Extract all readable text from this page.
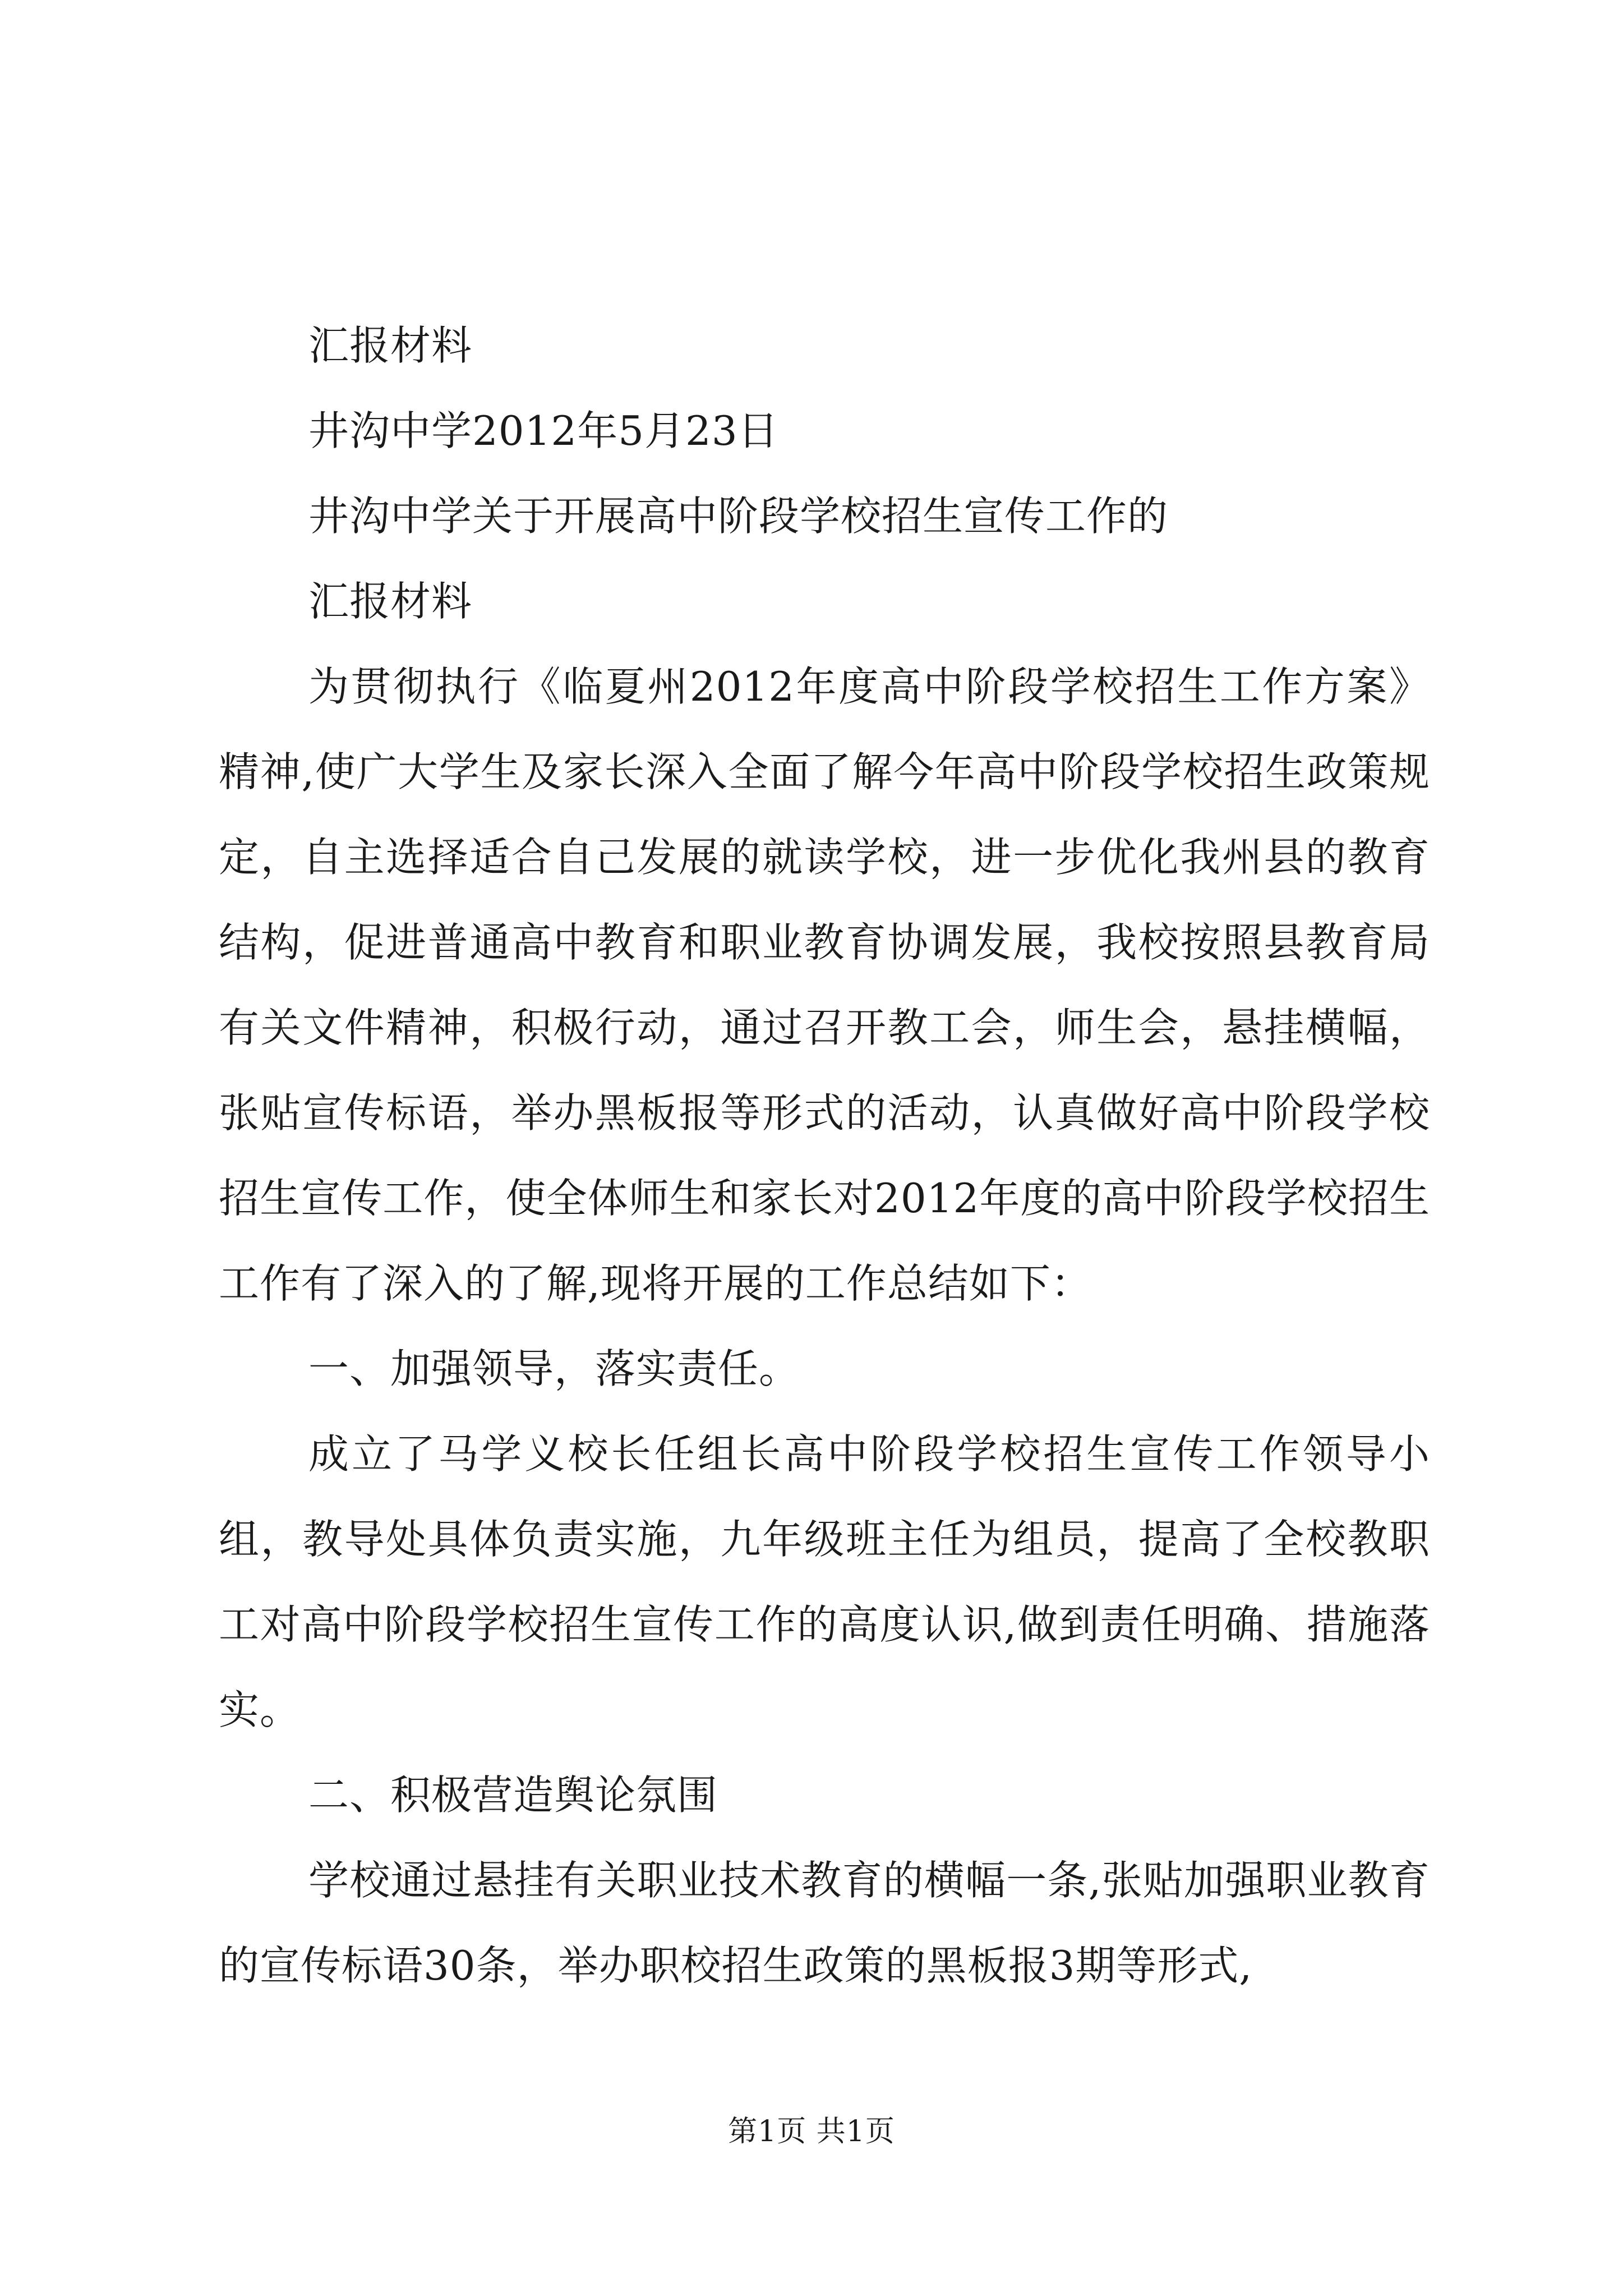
汇报材料
井沟中学2012年5月23日
井沟中学关于开展高中阶段学校招生宣传工作的
汇报材料
为贯彻执行《临夏州2012年度高中阶段学校招生工作方案》精神,使广大学生及家长深入全面了解今年高中阶段学校招生政策规定，自主选择适合自己发展的就读学校，进一步优化我州县的教育结构，促进普通高中教育和职业教育协调发展，我校按照县教育局有关文件精神，积极行动，通过召开教工会，师生会，悬挂横幅，张贴宣传标语，举办黑板报等形式的活动，认真做好高中阶段学校招生宣传工作，使全体师生和家长对2012年度的高中阶段学校招生工作有了深入的了解,现将开展的工作总结如下：
一、加强领导，落实责任。
成立了马学义校长任组长高中阶段学校招生宣传工作领导小组，教导处具体负责实施，九年级班主任为组员，提高了全校教职工对高中阶段学校招生宣传工作的高度认识,做到责任明确、措施落实。
二、积极营造舆论氛围
学校通过悬挂有关职业技术教育的横幅一条,张贴加强职业教育的宣传标语30条，举办职校招生政策的黑板报3期等形式,
第1页 共1页
